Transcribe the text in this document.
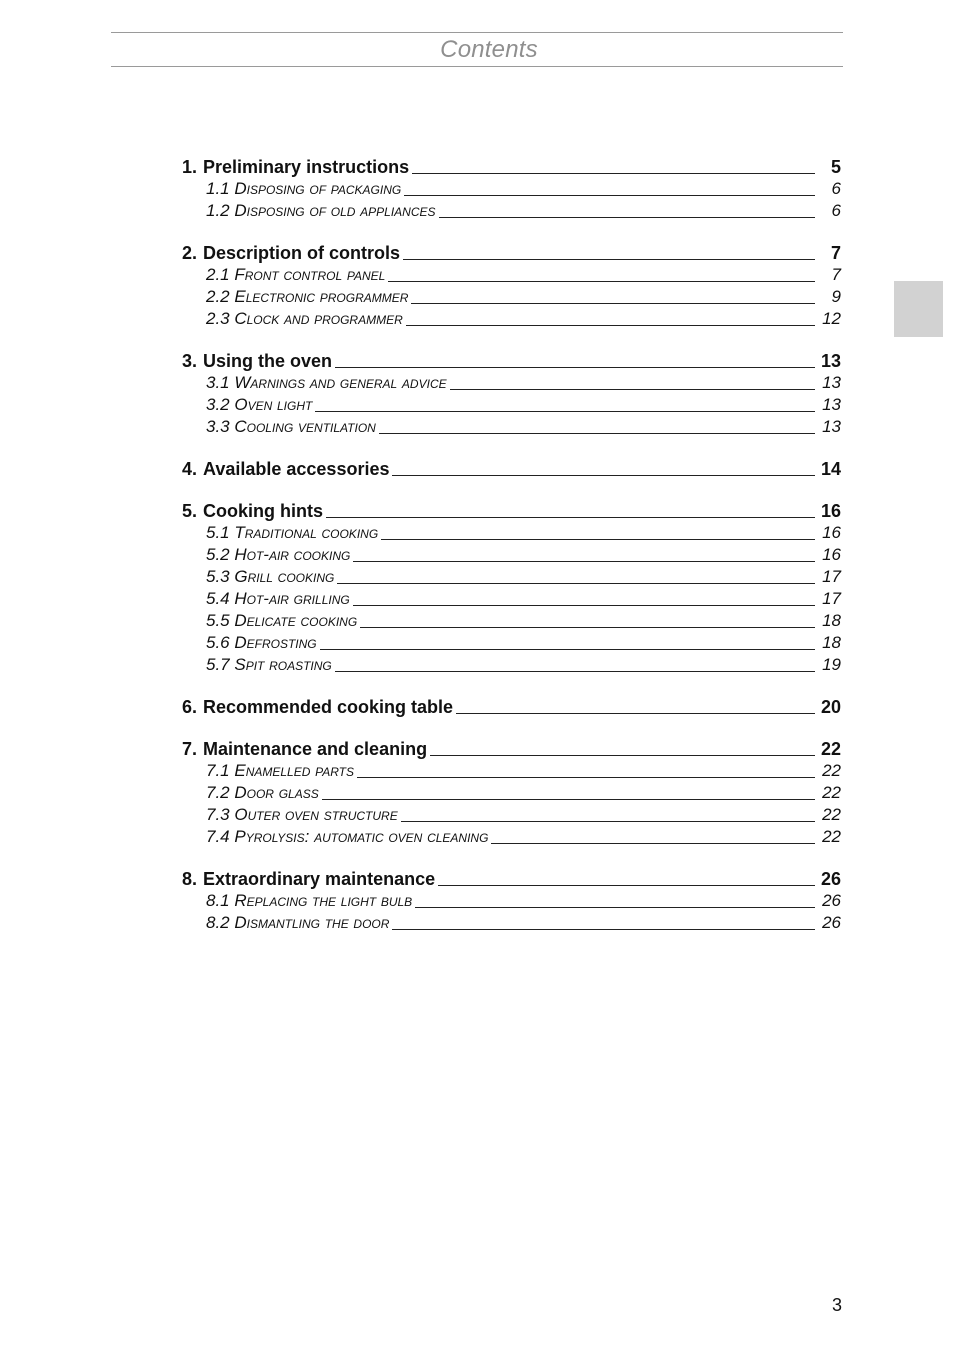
Contents
1. Preliminary instructions	5
1.1 Disposing of packaging	6
1.2 Disposing of old appliances	6
2. Description of controls	7
2.1 Front control panel	7
2.2 Electronic programmer	9
2.3 Clock and programmer	12
3. Using the oven	13
3.1 Warnings and general advice	13
3.2 Oven light	13
3.3 Cooling ventilation	13
4. Available accessories	14
5. Cooking hints	16
5.1 Traditional cooking	16
5.2 Hot-air cooking	16
5.3 Grill cooking	17
5.4 Hot-air grilling	17
5.5 Delicate cooking	18
5.6 Defrosting	18
5.7 Spit roasting	19
6. Recommended cooking table	20
7. Maintenance and cleaning	22
7.1 Enamelled parts	22
7.2 Door glass	22
7.3 Outer oven structure	22
7.4 Pyrolysis: automatic oven cleaning	22
8. Extraordinary maintenance	26
8.1 Replacing the light bulb	26
8.2 Dismantling the door	26
3
